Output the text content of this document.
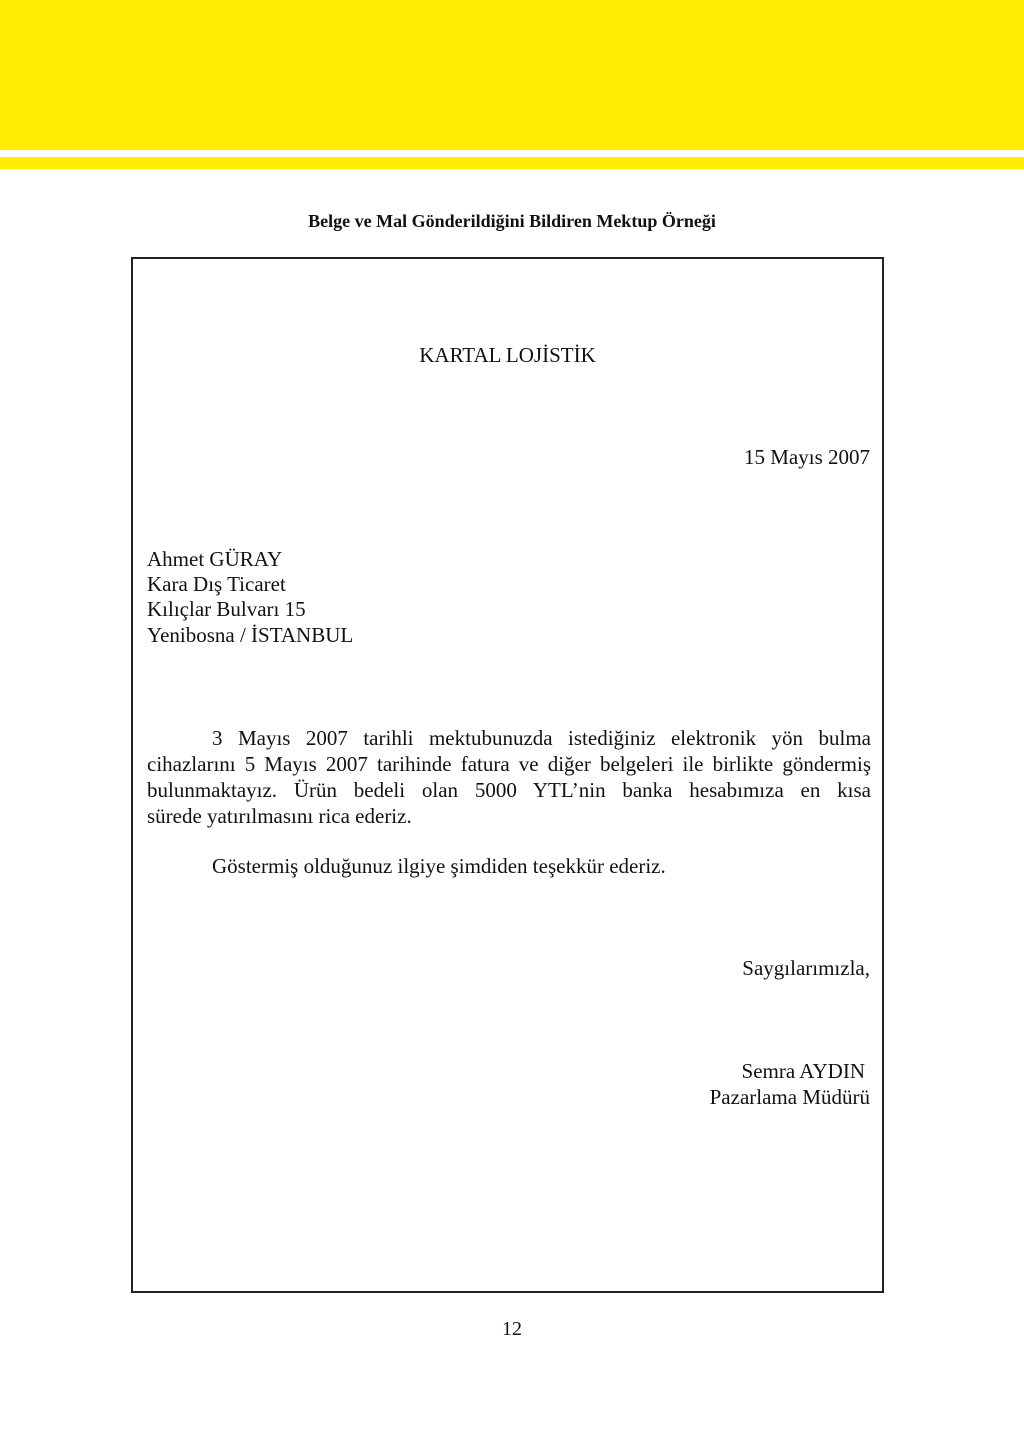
Belge ve Mal Gönderildiğini Bildiren Mektup Örneği

KARTAL LOJİSTİK

15 Mayıs 2007

Ahmet GÜRAY

Kara Dış Ticaret

Kılıçlar Bulvarı 15

Yenibosna / İSTANBUL

3 Mayıs 2007 tarihli mektubunuzda istediğiniz elektronik yön bulma
cihazlarını 5 Mayıs 2007 tarihinde fatura ve diğer belgeleri ile birlikte göndermiş
bulunmaktayız. Ürün bedeli olan 5000 YTL’nin banka hesabımıza en kısa
sürede yatırılmasını rica ederiz.

Göstermiş olduğunuz ilgiye şimdiden teşekkür ederiz.

Saygılarımızla,

Semra AYDIN

Pazarlama Müdürü

12
